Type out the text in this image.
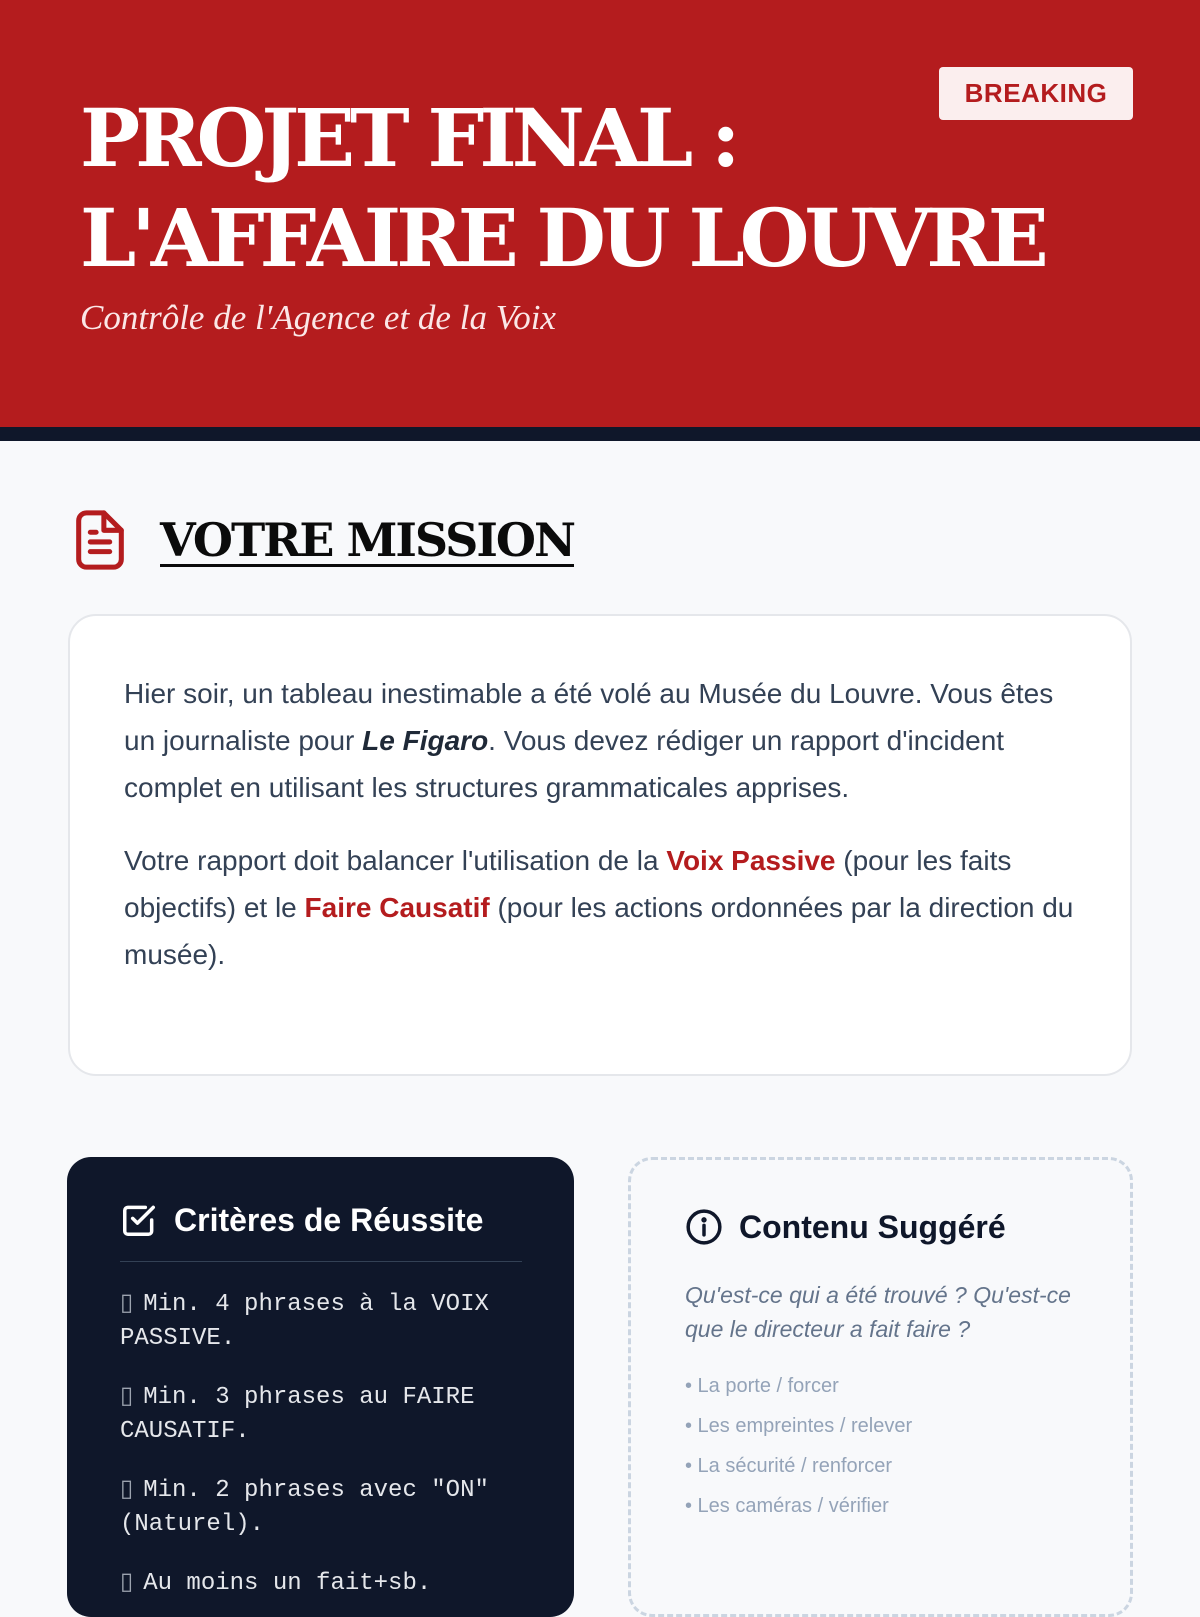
PROJET FINAL :
L'AFFAIRE DU LOUVRE
Contrôle de l'Agence et de la Voix
BREAKING
VOTRE MISSION

Hier soir, un tableau inestimable a été volé au Musée du Louvre. Vous êtes un journaliste pour Le Figaro. Vous devez rédiger un rapport d'incident complet en utilisant les structures grammaticales apprises.

Votre rapport doit balancer l'utilisation de la Voix Passive (pour les faits objectifs) et le Faire Causatif (pour les actions ordonnées par la direction du musée).

Critères de Réussite
▯ Min. 4 phrases à la VOIX PASSIVE.
▯ Min. 3 phrases au FAIRE CAUSATIF.
▯ Min. 2 phrases avec "ON" (Naturel).
▯ Au moins un fait+sb.
Contenu Suggéré
Qu'est-ce qui a été trouvé ? Qu'est-ce que le directeur a fait faire ?
• La porte / forcer
• Les empreintes / relever
• La sécurité / renforcer
• Les caméras / vérifier
